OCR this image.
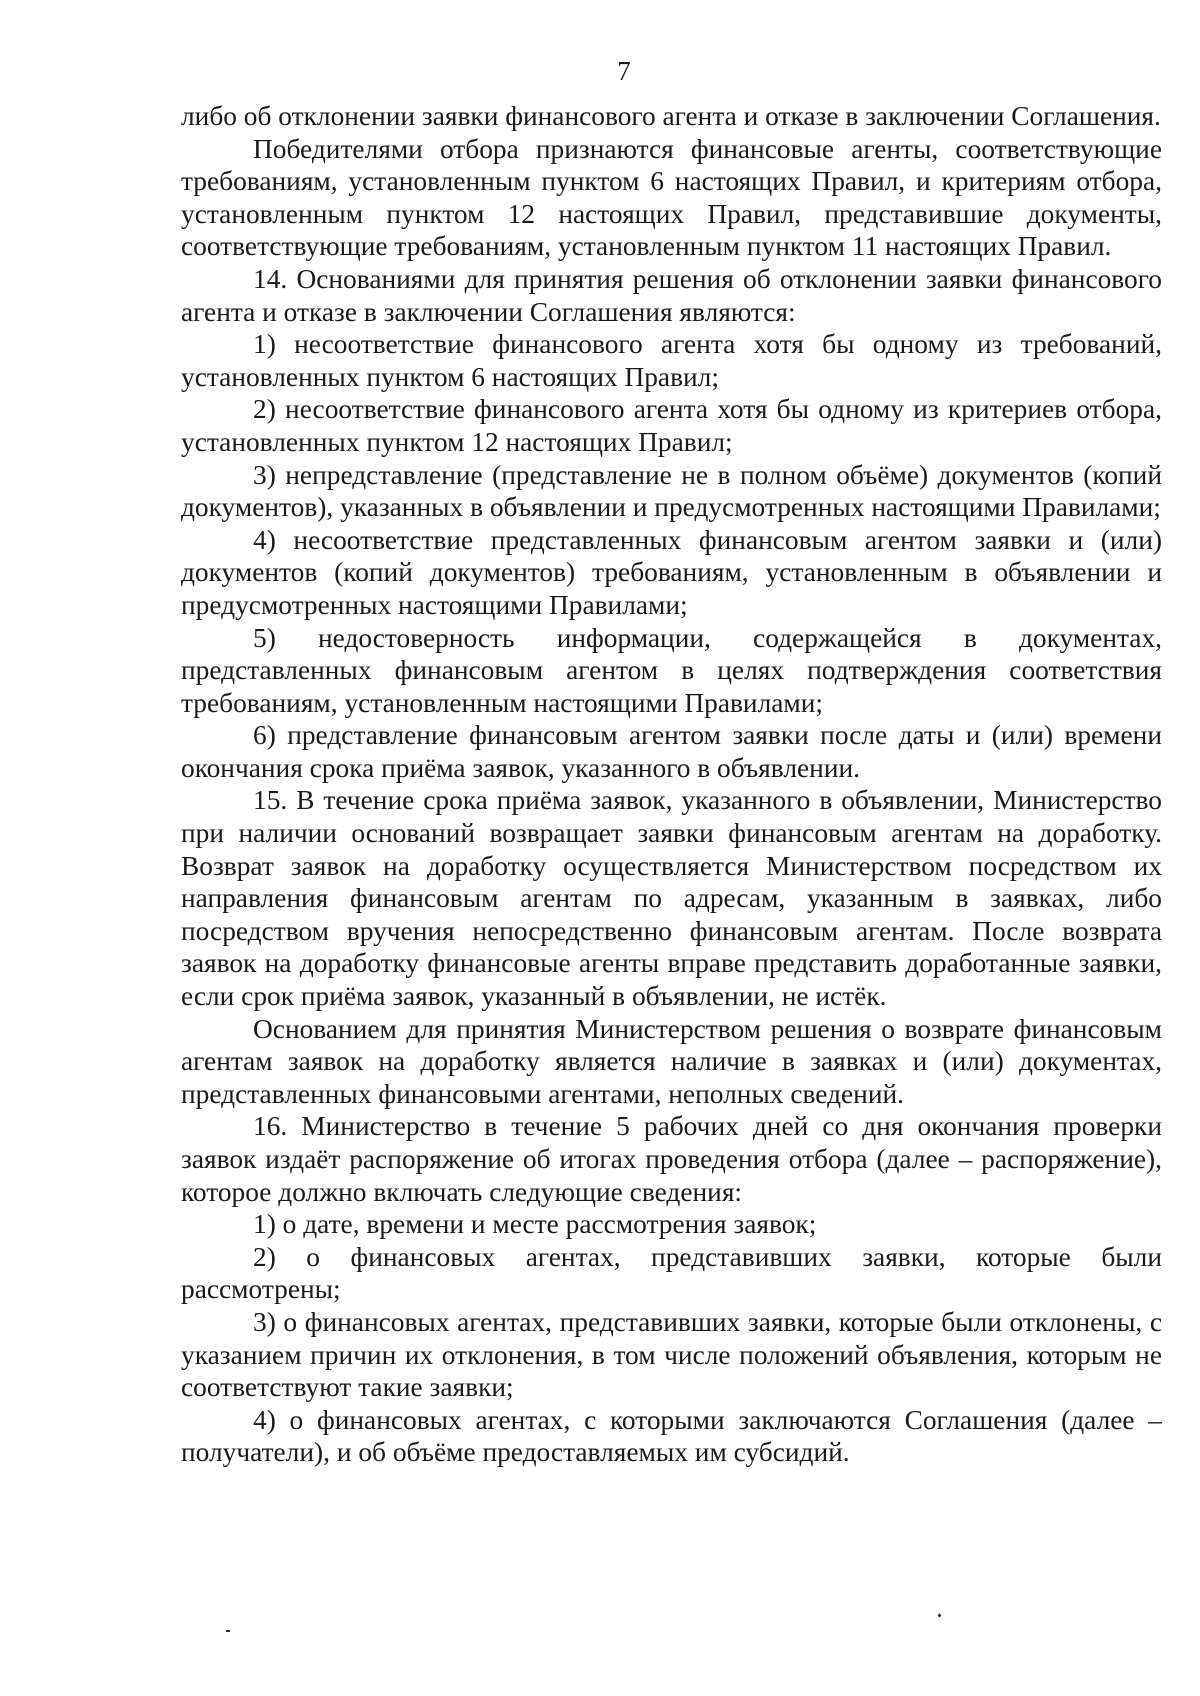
7

либо об отклонении заявки финансового агента и отказе в заключении Соглашения.

Победителями отбора признаются финансовые агенты, соответствующие требованиям, установленным пунктом 6 настоящих Правил, и критериям отбора, установленным пунктом 12 настоящих Правил, представившие документы, соответствующие требованиям, установленным пунктом 11 настоящих Правил.

14. Основаниями для принятия решения об отклонении заявки финансового агента и отказе в заключении Соглашения являются:

1) несоответствие финансового агента хотя бы одному из требований, установленных пунктом 6 настоящих Правил;

2) несоответствие финансового агента хотя бы одному из критериев отбора, установленных пунктом 12 настоящих Правил;

3) непредставление (представление не в полном объёме) документов (копий документов), указанных в объявлении и предусмотренных настоящими Правилами;

4) несоответствие представленных финансовым агентом заявки и (или) документов (копий документов) требованиям, установленным в объявлении и предусмотренных настоящими Правилами;

5) недостоверность информации, содержащейся в документах, представленных финансовым агентом в целях подтверждения соответствия требованиям, установленным настоящими Правилами;

6) представление финансовым агентом заявки после даты и (или) времени окончания срока приёма заявок, указанного в объявлении.

15. В течение срока приёма заявок, указанного в объявлении, Министерство при наличии оснований возвращает заявки финансовым агентам на доработку. Возврат заявок на доработку осуществляется Министерством посредством их направления финансовым агентам по адресам, указанным в заявках, либо посредством вручения непосредственно финансовым агентам. После возврата заявок на доработку финансовые агенты вправе представить доработанные заявки, если срок приёма заявок, указанный в объявлении, не истёк.

Основанием для принятия Министерством решения о возврате финансовым агентам заявок на доработку является наличие в заявках и (или) документах, представленных финансовыми агентами, неполных сведений.

16. Министерство в течение 5 рабочих дней со дня окончания проверки заявок издаёт распоряжение об итогах проведения отбора (далее – распоряжение), которое должно включать следующие сведения:

1) о дате, времени и месте рассмотрения заявок;

2) о финансовых агентах, представивших заявки, которые были рассмотрены;

3) о финансовых агентах, представивших заявки, которые были отклонены, с указанием причин их отклонения, в том числе положений объявления, которым не соответствуют такие заявки;

4) о финансовых агентах, с которыми заключаются Соглашения (далее – получатели), и об объёме предоставляемых им субсидий.
